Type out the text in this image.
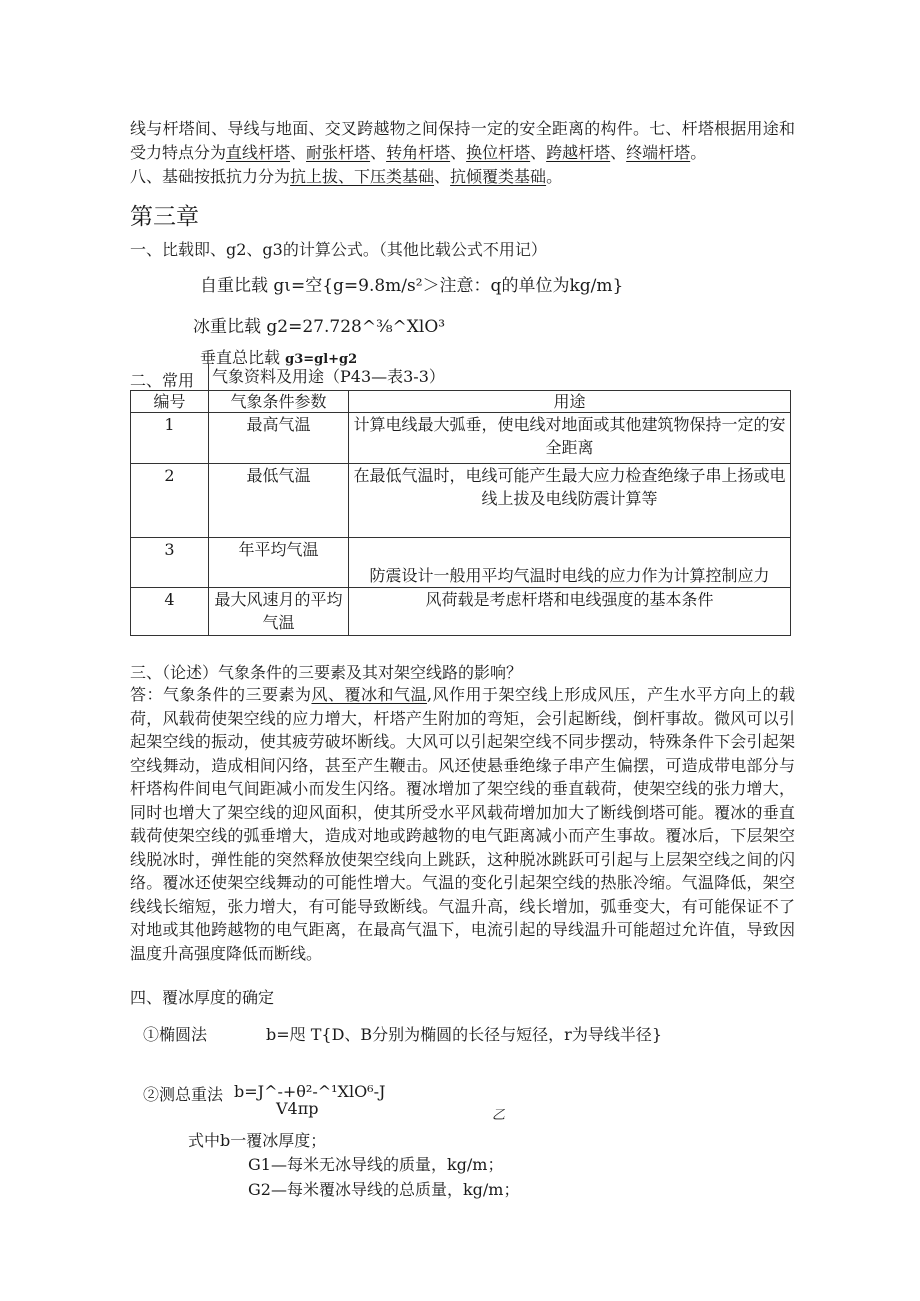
线与杆塔间、导线与地面、交叉跨越物之间保持一定的安全距离的构件。七、杆塔根据用途和受力特点分为直线杆塔、耐张杆塔、转角杆塔、换位杆塔、跨越杆塔、终端杆塔。
八、基础按抵抗力分为抗上拔、下压类基础、抗倾覆类基础。
第三章
一、比载即、g2、g3的计算公式。（其他比载公式不用记）
自重比载 gι=空{g=9.8m∕s²＞注意：q的单位为kg∕m}
冰重比载 g2=27.728^⅜^XlO³
垂直总比载 g3=gl+g2
二、常用 气象资料及用途（P43—表3-3）
编号	气象条件参数	用途
1	最高气温	计算电线最大弧垂，使电线对地面或其他建筑物保持一定的安全距离
2	最低气温	在最低气温时，电线可能产生最大应力检查绝缘子串上扬或电线上拔及电线防震计算等
3	年平均气温	防震设计一般用平均气温时电线的应力作为计算控制应力
4	最大风速月的平均气温	风荷载是考虑杆塔和电线强度的基本条件
三、（论述）气象条件的三要素及其对架空线路的影响？
答：气象条件的三要素为风、覆冰和气温,风作用于架空线上形成风压，产生水平方向上的载荷，风载荷使架空线的应力增大，杆塔产生附加的弯矩，会引起断线，倒杆事故。微风可以引起架空线的振动，使其疲劳破坏断线。大风可以引起架空线不同步摆动，特殊条件下会引起架空线舞动，造成相间闪络，甚至产生鞭击。风还使悬垂绝缘子串产生偏摆，可造成带电部分与杆塔构件间电气间距减小而发生闪络。覆冰增加了架空线的垂直载荷，使架空线的张力增大，同时也增大了架空线的迎风面积，使其所受水平风载荷增加加大了断线倒塔可能。覆冰的垂直载荷使架空线的弧垂增大，造成对地或跨越物的电气距离减小而产生事故。覆冰后，下层架空线脱冰时，弹性能的突然释放使架空线向上跳跃，这种脱冰跳跃可引起与上层架空线之间的闪络。覆冰还使架空线舞动的可能性增大。气温的变化引起架空线的热胀冷缩。气温降低，架空线线长缩短，张力增大，有可能导致断线。气温升高，线长增加，弧垂变大，有可能保证不了对地或其他跨越物的电气距离，在最高气温下，电流引起的导线温升可能超过允许值，导致因温度升高强度降低而断线。
四、覆冰厚度的确定
①椭圆法	b=咫 T{D、B分别为椭圆的长径与短径，r为导线半径}
②测总重法 b=J^-+θ²-^¹XlO⁶-J
V4πp	乙
式中b一覆冰厚度；
G1—每米无冰导线的质量，kg/m；
G2—每米覆冰导线的总质量，kg/m；
